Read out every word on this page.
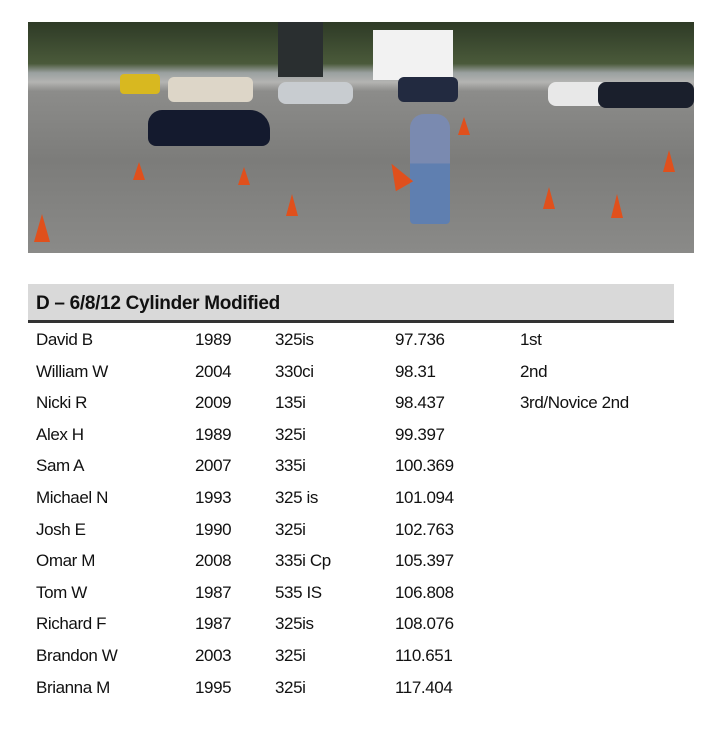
D – 6/8/12 Cylinder Modified
David B	1989	325is	97.736	1st
William W	2004	330ci	98.31	2nd
Nicki R	2009	135i	98.437	3rd/Novice 2nd
Alex H	1989	325i	99.397
Sam A	2007	335i	100.369
Michael N	1993	325 is	101.094
Josh E	1990	325i	102.763
Omar M	2008	335i Cp	105.397
Tom W	1987	535 IS	106.808
Richard F	1987	325is	108.076
Brandon W	2003	325i	110.651
Brianna M	1995	325i	117.404
